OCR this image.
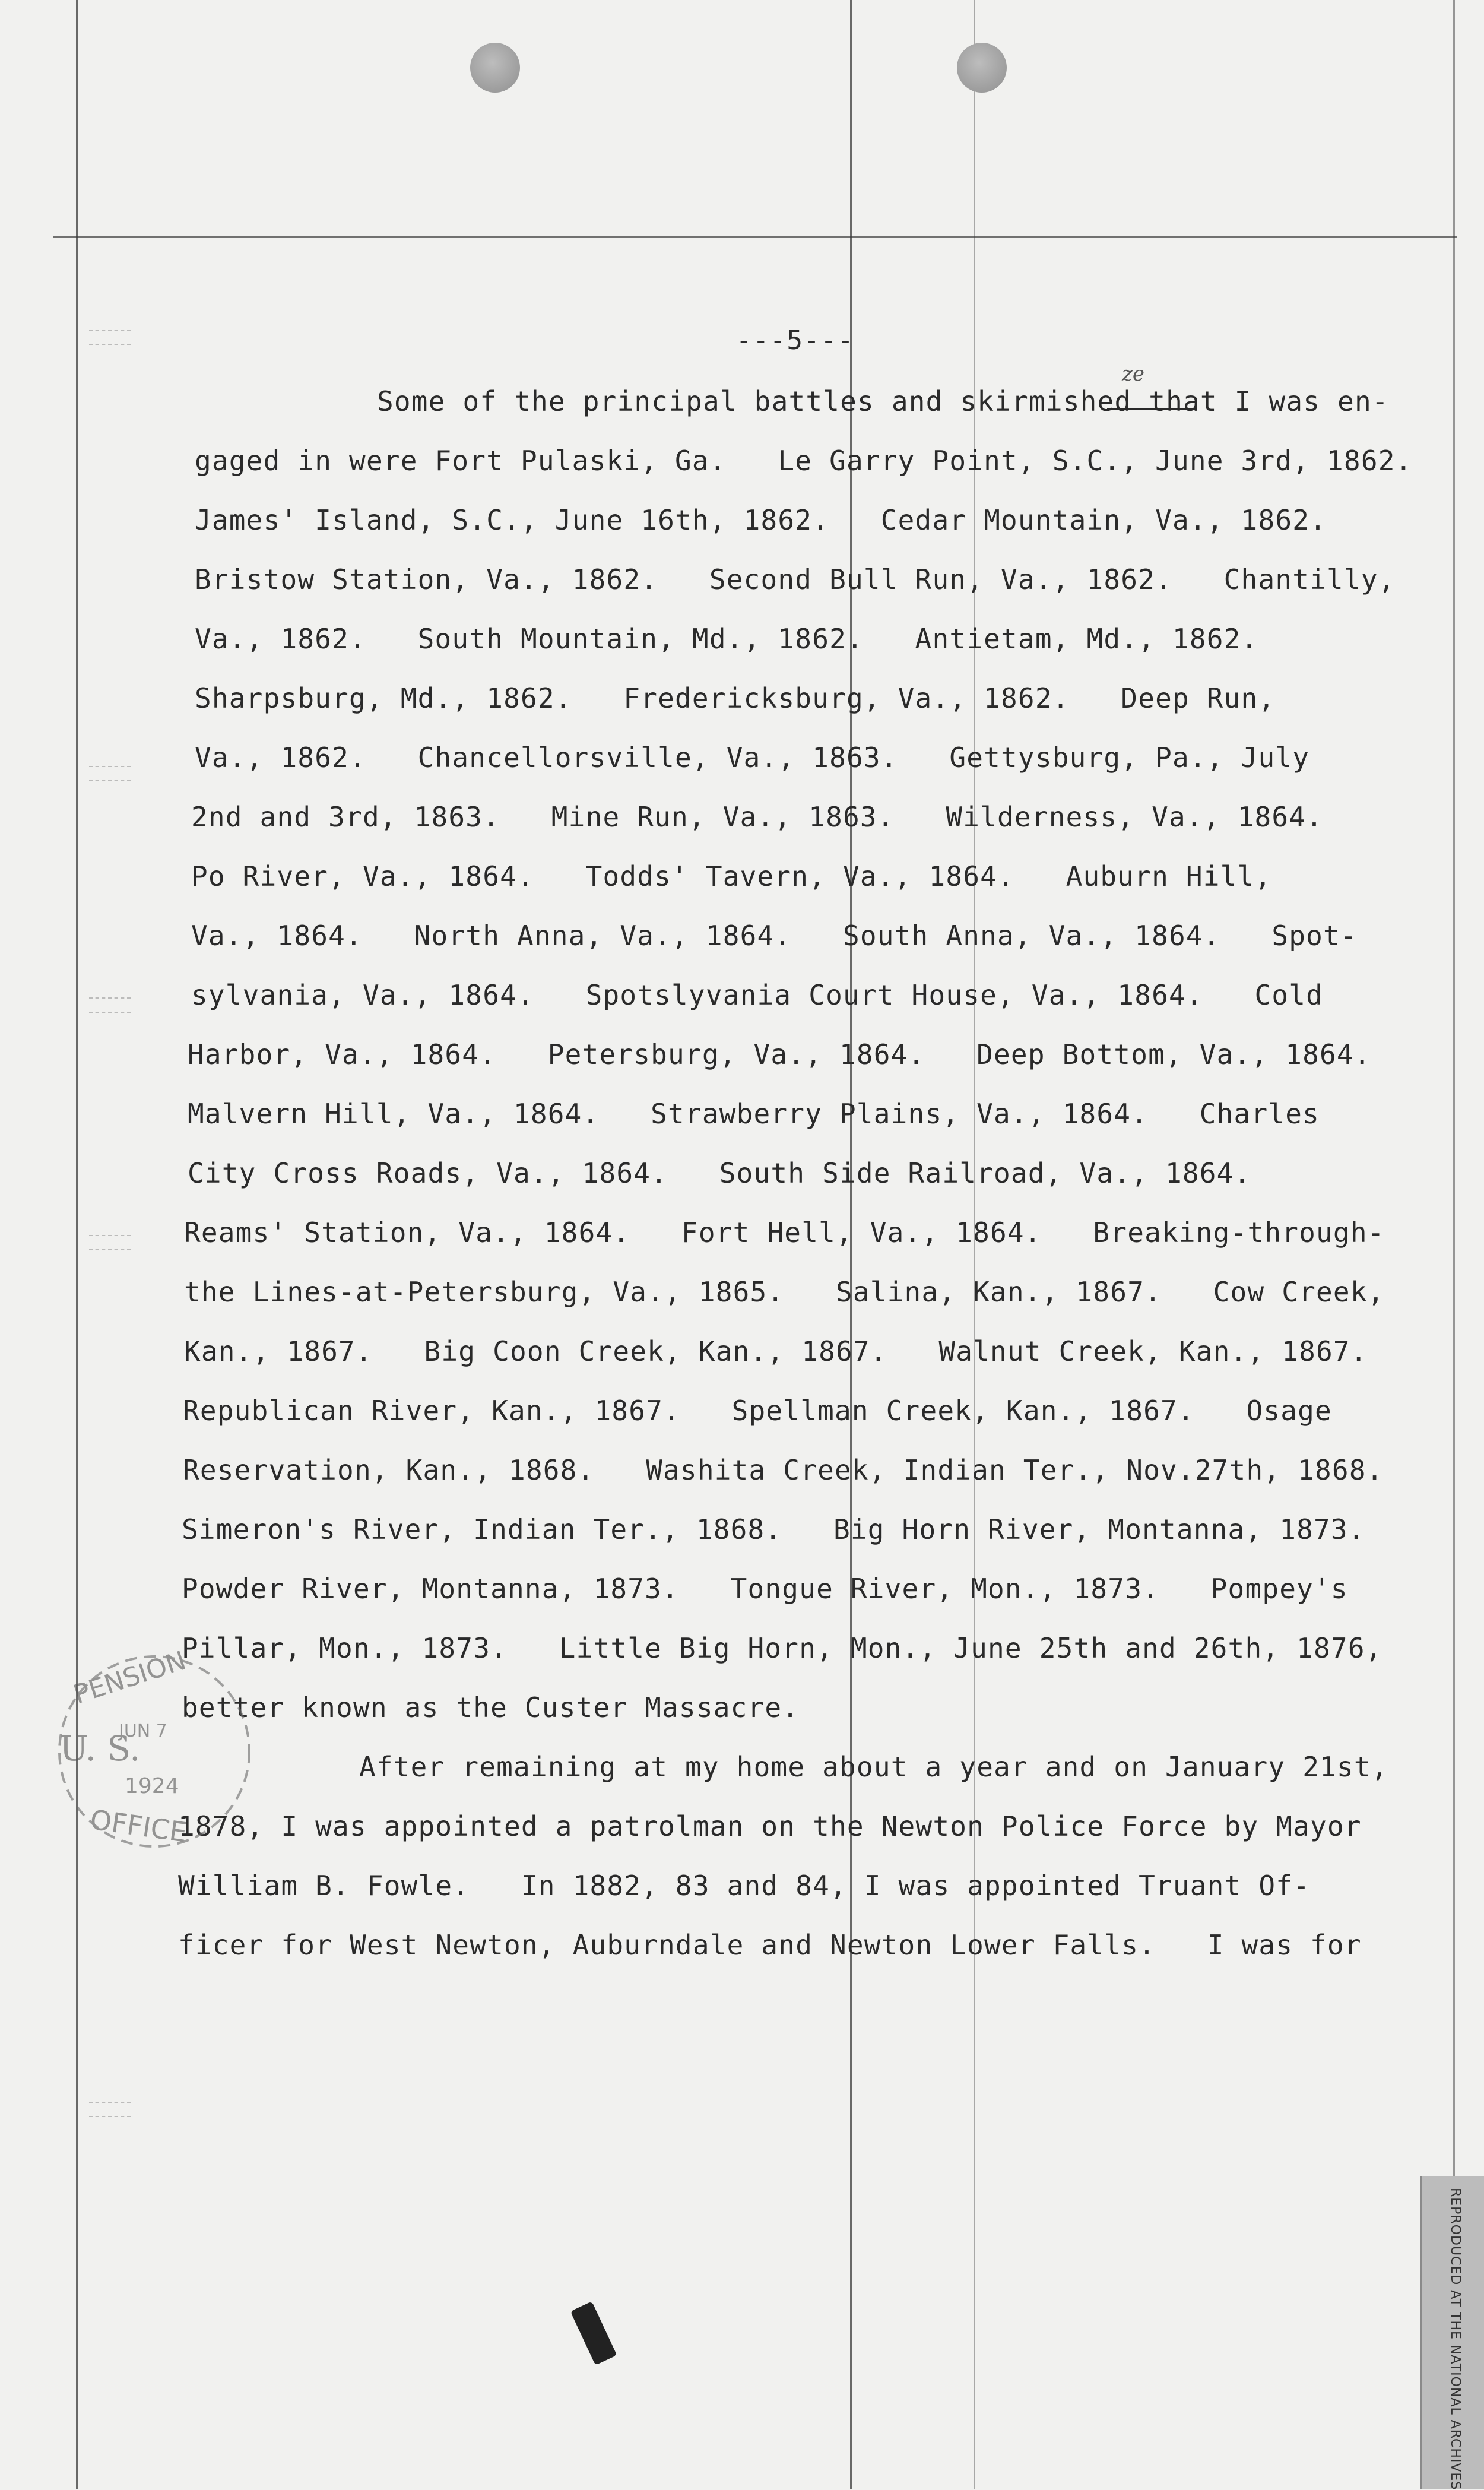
---5---
ze
Some of the principal battles and skirmished that I was en-
gaged in were Fort Pulaski, Ga.   Le Garry Point, S.C., June 3rd, 1862.
James' Island, S.C., June 16th, 1862.   Cedar Mountain, Va., 1862.
Bristow Station, Va., 1862.   Second Bull Run, Va., 1862.   Chantilly,
Va., 1862.   South Mountain, Md., 1862.   Antietam, Md., 1862.
Sharpsburg, Md., 1862.   Fredericksburg, Va., 1862.   Deep Run,
Va., 1862.   Chancellorsville, Va., 1863.   Gettysburg, Pa., July
2nd and 3rd, 1863.   Mine Run, Va., 1863.   Wilderness, Va., 1864.
Po River, Va., 1864.   Todds' Tavern, Va., 1864.   Auburn Hill,
Va., 1864.   North Anna, Va., 1864.   South Anna, Va., 1864.   Spot-
sylvania, Va., 1864.   Spotslyvania Court House, Va., 1864.   Cold
Harbor, Va., 1864.   Petersburg, Va., 1864.   Deep Bottom, Va., 1864.
Malvern Hill, Va., 1864.   Strawberry Plains, Va., 1864.   Charles
City Cross Roads, Va., 1864.   South Side Railroad, Va., 1864.
Reams' Station, Va., 1864.   Fort Hell, Va., 1864.   Breaking-through-
the Lines-at-Petersburg, Va., 1865.   Salina, Kan., 1867.   Cow Creek,
Kan., 1867.   Big Coon Creek, Kan., 1867.   Walnut Creek, Kan., 1867.
Republican River, Kan., 1867.   Spellman Creek, Kan., 1867.   Osage
Reservation, Kan., 1868.   Washita Creek, Indian Ter., Nov.27th, 1868.
Simeron's River, Indian Ter., 1868.   Big Horn River, Montanna, 1873.
Powder River, Montanna, 1873.   Tongue River, Mon., 1873.   Pompey's
Pillar, Mon., 1873.   Little Big Horn, Mon., June 25th and 26th, 1876,
better known as the Custer Massacre.
After remaining at my home about a year and on January 21st,
1878, I was appointed a patrolman on the Newton Police Force by Mayor
William B. Fowle.   In 1882, 83 and 84, I was appointed Truant Of-
ficer for West Newton, Auburndale and Newton Lower Falls.   I was for
PENSION
JUN 7
U. S.
1924
OFFICE
REPRODUCED AT THE NATIONAL ARCHIVES
